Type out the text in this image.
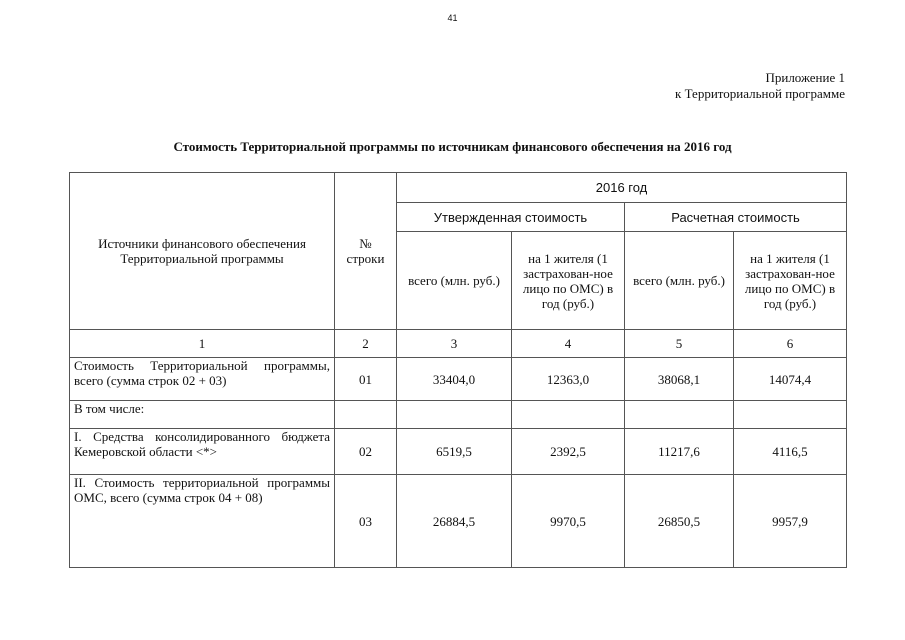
41
Приложение 1
к Территориальной программе
Стоимость Территориальной программы по источникам финансового обеспечения на 2016 год
Источники финансового обеспечения Территориальной программы	№ строки	2016 год			
		Утвержденная стоимость		Расчетная стоимость	
		всего (млн. руб.)	на 1 жителя (1 застрахован-ное лицо по ОМС) в год (руб.)	всего (млн. руб.)	на 1 жителя (1 застрахован-ное лицо по ОМС) в год (руб.)
1	2	3	4	5	6
Стоимость Территориальной программы, всего (сумма строк 02 + 03)	01	33404,0	12363,0	38068,1	14074,4
В том числе:					
I. Средства консолидированного бюджета Кемеровской области <*>	02	6519,5	2392,5	11217,6	4116,5
II. Стоимость территориальной программы ОМС, всего (сумма строк 04 + 08)	03	26884,5	9970,5	26850,5	9957,9
